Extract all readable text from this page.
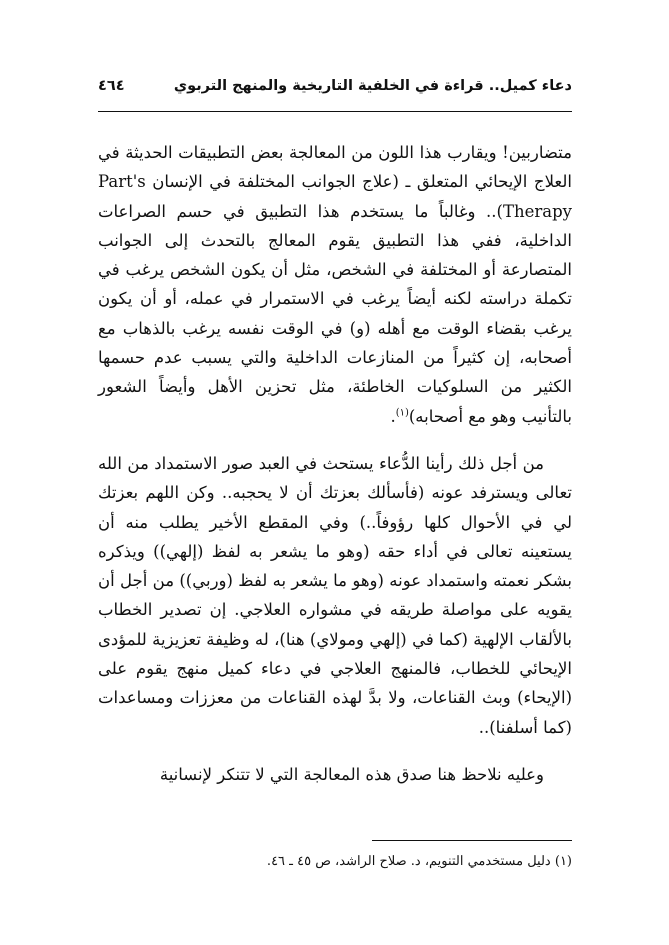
دعاء كميل.. قراءة في الخلفية التاريخية والمنهج التربوي
٤٦٤

متضاربين! ويقارب هذا اللون من المعالجة بعض التطبيقات الحديثة في العلاج الإيحائي المتعلق ـ (علاج الجوانب المختلفة في الإنسان Part's Therapy).. وغالباً ما يستخدم هذا التطبيق في حسم الصراعات الداخلية، ففي هذا التطبيق يقوم المعالج بالتحدث إلى الجوانب المتصارعة أو المختلفة في الشخص، مثل أن يكون الشخص يرغب في تكملة دراسته لكنه أيضاً يرغب في الاستمرار في عمله، أو أن يكون يرغب بقضاء الوقت مع أهله (و) في الوقت نفسه يرغب بالذهاب مع أصحابه، إن كثيراً من المنازعات الداخلية والتي يسبب عدم حسمها الكثير من السلوكيات الخاطئة، مثل تحزين الأهل وأيضاً الشعور بالتأنيب وهو مع أصحابه)$^{(١)}$.

من أجل ذلك رأينا الدُّعاء يستحث في العبد صور الاستمداد من الله تعالى ويسترفد عونه (فأسألك بعزتك أن لا يحجبه.. وكن اللهم بعزتك لي في الأحوال كلها رؤوفاً..) وفي المقطع الأخير يطلب منه أن يستعينه تعالى في أداء حقه (وهو ما يشعر به لفظ (إلهي)) ويذكره بشكر نعمته واستمداد عونه (وهو ما يشعر به لفظ (وربي)) من أجل أن يقويه على مواصلة طريقه في مشواره العلاجي. إن تصدير الخطاب بالألقاب الإلهية (كما في (إلهي ومولاي) هنا)، له وظيفة تعزيزية للمؤدى الإيحائي للخطاب، فالمنهج العلاجي في دعاء كميل منهج يقوم على (الإيحاء) وبث القناعات، ولا بدَّ لهذه القناعات من معززات ومساعدات (كما أسلفنا)..

وعليه نلاحظ هنا صدق هذه المعالجة التي لا تتنكر لإنسانية

(١) دليل مستخدمي التنويم، د. صلاح الراشد، ص ٤٥ ـ ٤٦.
